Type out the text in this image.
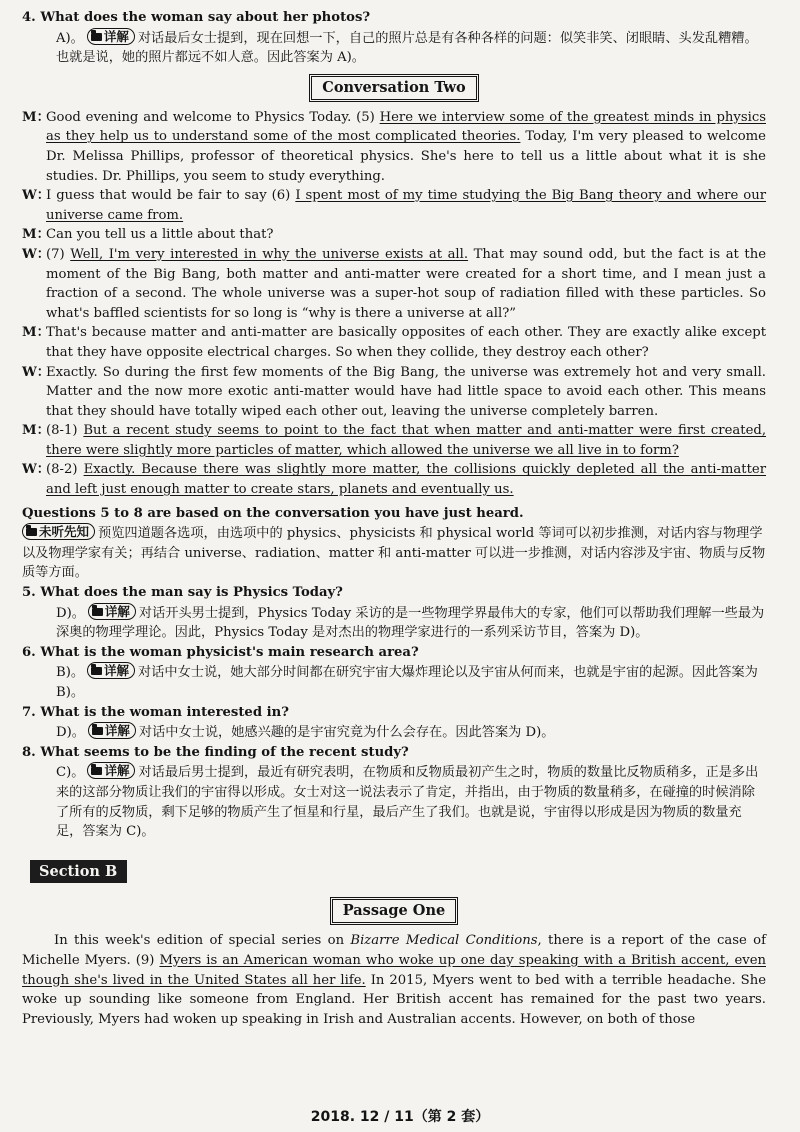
4. What does the woman say about her photos?

A)。 详解 对话最后女士提到，现在回想一下，自己的照片总是有各种各样的问题：似笑非笑、闭眼睛、头发乱糟糟。也就是说，她的照片都远不如人意。因此答案为 A)。

Conversation Two
M：
Good evening and welcome to Physics Today. (5) Here we interview some of the greatest minds in physics as they help us to understand some of the most complicated theories. Today, I'm very pleased to welcome Dr. Melissa Phillips, professor of theoretical physics. She's here to tell us a little about what it is she studies. Dr. Phillips, you seem to study everything.
W：
I guess that would be fair to say (6) I spent most of my time studying the Big Bang theory and where our universe came from.
M：
Can you tell us a little about that?
W：
(7) Well, I'm very interested in why the universe exists at all. That may sound odd, but the fact is at the moment of the Big Bang, both matter and anti-matter were created for a short time, and I mean just a fraction of a second. The whole universe was a super-hot soup of radiation filled with these particles. So what's baffled scientists for so long is “why is there a universe at all?”
M：
That's because matter and anti-matter are basically opposites of each other. They are exactly alike except that they have opposite electrical charges. So when they collide, they destroy each other?
W：
Exactly. So during the first few moments of the Big Bang, the universe was extremely hot and very small. Matter and the now more exotic anti-matter would have had little space to avoid each other. This means that they should have totally wiped each other out, leaving the universe completely barren.
M：
(8-1) But a recent study seems to point to the fact that when matter and anti-matter were first created, there were slightly more particles of matter, which allowed the universe we all live in to form?
W：
(8-2) Exactly. Because there was slightly more matter, the collisions quickly depleted all the anti-matter and left just enough matter to create stars, planets and eventually us.

Questions 5 to 8 are based on the conversation you have just heard.

未听先知 预览四道题各选项，由选项中的 physics、physicists 和 physical world 等词可以初步推测，对话内容与物理学以及物理学家有关；再结合 universe、radiation、matter 和 anti-matter 可以进一步推测，对话内容涉及宇宙、物质与反物质等方面。

5. What does the man say is Physics Today?

D)。 详解 对话开头男士提到，Physics Today 采访的是一些物理学界最伟大的专家，他们可以帮助我们理解一些最为深奥的物理学理论。因此，Physics Today 是对杰出的物理学家进行的一系列采访节目，答案为 D)。

6. What is the woman physicist's main research area?

B)。 详解 对话中女士说，她大部分时间都在研究宇宙大爆炸理论以及宇宙从何而来，也就是宇宙的起源。因此答案为 B)。

7. What is the woman interested in?

D)。 详解 对话中女士说，她感兴趣的是宇宙究竟为什么会存在。因此答案为 D)。

8. What seems to be the finding of the recent study?

C)。 详解 对话最后男士提到，最近有研究表明，在物质和反物质最初产生之时，物质的数量比反物质稍多，正是多出来的这部分物质让我们的宇宙得以形成。女士对这一说法表示了肯定，并指出，由于物质的数量稍多，在碰撞的时候消除了所有的反物质，剩下足够的物质产生了恒星和行星，最后产生了我们。也就是说，宇宙得以形成是因为物质的数量充足，答案为 C)。

Section B
Passage One

In this week's edition of special series on Bizarre Medical Conditions, there is a report of the case of Michelle Myers. (9) Myers is an American woman who woke up one day speaking with a British accent, even though she's lived in the United States all her life. In 2015, Myers went to bed with a terrible headache. She woke up sounding like someone from England. Her British accent has remained for the past two years. Previously, Myers had woken up speaking in Irish and Australian accents. However, on both of those

2018. 12 / 11（第 2 套）
